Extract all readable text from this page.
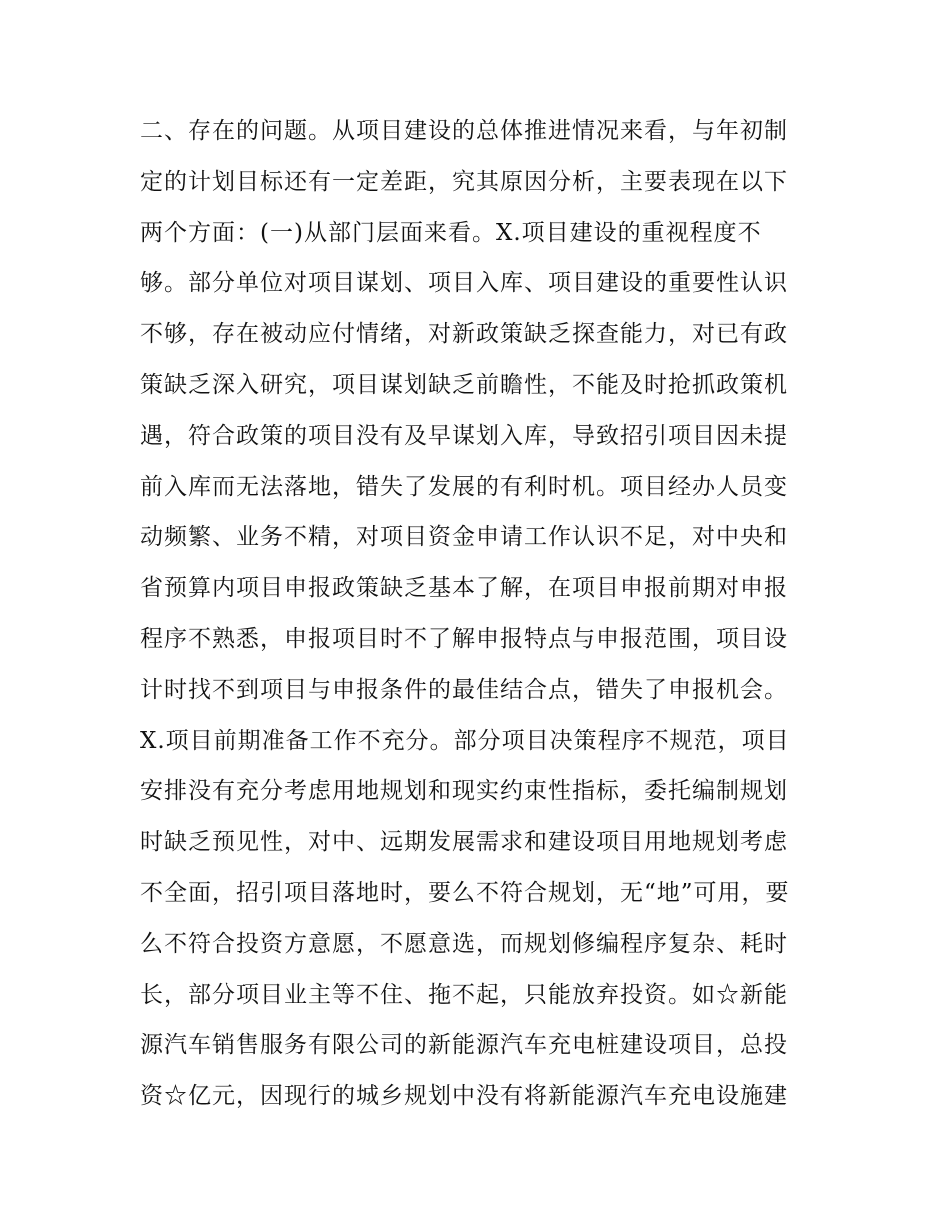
二、存在的问题。从项目建设的总体推进情况来看，与年初制
定的计划目标还有一定差距，究其原因分析，主要表现在以下
两个方面：(一)从部门层面来看。X.项目建设的重视程度不
够。部分单位对项目谋划、项目入库、项目建设的重要性认识
不够，存在被动应付情绪，对新政策缺乏探查能力，对已有政
策缺乏深入研究，项目谋划缺乏前瞻性，不能及时抢抓政策机
遇，符合政策的项目没有及早谋划入库，导致招引项目因未提
前入库而无法落地，错失了发展的有利时机。项目经办人员变
动频繁、业务不精，对项目资金申请工作认识不足，对中央和
省预算内项目申报政策缺乏基本了解，在项目申报前期对申报
程序不熟悉，申报项目时不了解申报特点与申报范围，项目设
计时找不到项目与申报条件的最佳结合点，错失了申报机会。
X.项目前期准备工作不充分。部分项目决策程序不规范，项目
安排没有充分考虑用地规划和现实约束性指标，委托编制规划
时缺乏预见性，对中、远期发展需求和建设项目用地规划考虑
不全面，招引项目落地时，要么不符合规划，无“地”可用，要
么不符合投资方意愿，不愿意选，而规划修编程序复杂、耗时
长，部分项目业主等不住、拖不起，只能放弃投资。如☆新能
源汽车销售服务有限公司的新能源汽车充电桩建设项目，总投
资☆亿元，因现行的城乡规划中没有将新能源汽车充电设施建
